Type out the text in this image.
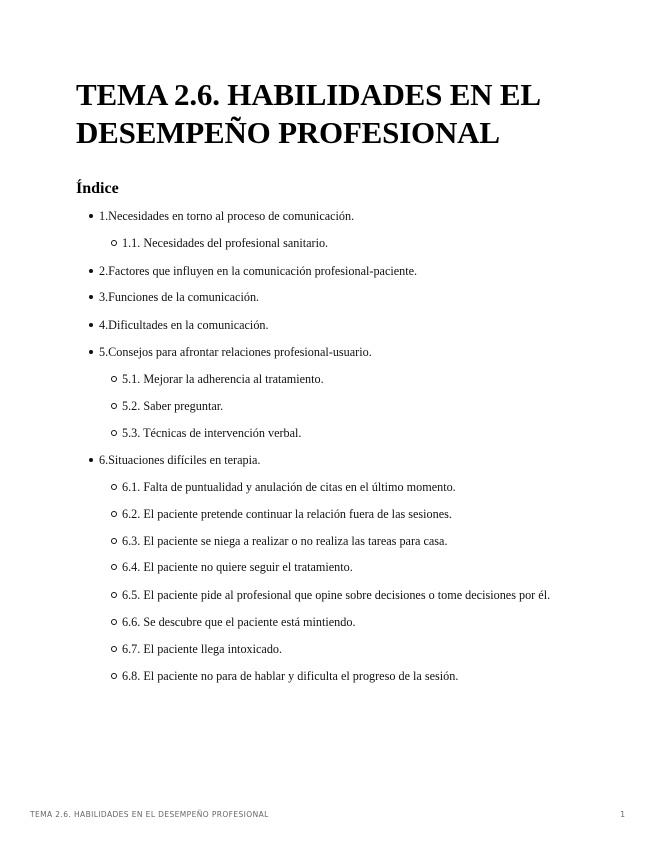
TEMA 2.6. HABILIDADES EN EL DESEMPEÑO PROFESIONAL
Índice
1.Necesidades en torno al proceso de comunicación.
1.1. Necesidades del profesional sanitario.
2.Factores que influyen en la comunicación profesional-paciente.
3.Funciones de la comunicación.
4.Dificultades en la comunicación.
5.Consejos para afrontar relaciones profesional-usuario.
5.1. Mejorar la adherencia al tratamiento.
5.2. Saber preguntar.
5.3. Técnicas de intervención verbal.
6.Situaciones difíciles en terapia.
6.1. Falta de puntualidad y anulación de citas en el último momento.
6.2. El paciente pretende continuar la relación fuera de las sesiones.
6.3. El paciente se niega a realizar o no realiza las tareas para casa.
6.4. El paciente no quiere seguir el tratamiento.
6.5. El paciente pide al profesional que opine sobre decisiones o tome decisiones por él.
6.6. Se descubre que el paciente está mintiendo.
6.7. El paciente llega intoxicado.
6.8. El paciente no para de hablar y dificulta el progreso de la sesión.
TEMA 2.6. HABILIDADES EN EL DESEMPEÑO PROFESIONAL	1
